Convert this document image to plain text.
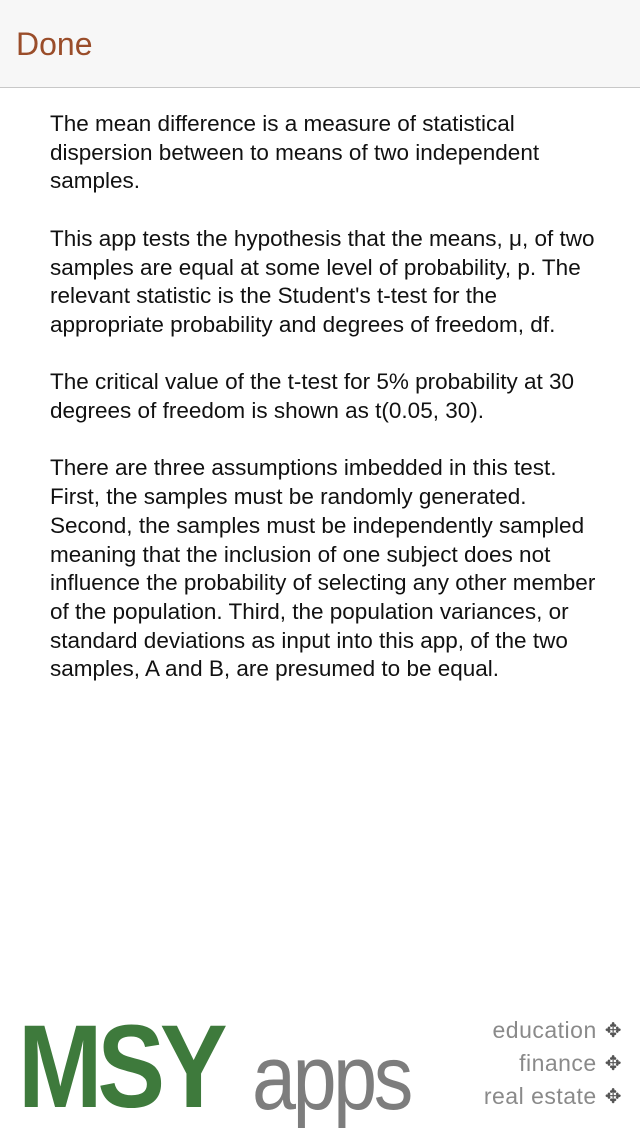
Done

The mean difference is a measure of statistical dispersion between to means of two independent samples.

This app tests the hypothesis that the means, μ, of two samples are equal at some level of probability, p. The relevant statistic is the Student's t-test for the appropriate probability and degrees of freedom, df.

The critical value of the t-test for 5% probability at 30 degrees of freedom is shown as t(0.05, 30).

There are three assumptions imbedded in this test. First, the samples must be randomly generated. Second, the samples must be independently sampled meaning that the inclusion of one subject does not influence the probability of selecting any other member of the population. Third, the population variances, or standard deviations as input into this app, of the two samples, A and B, are presumed to be equal.

MSY apps	education ✥
finance ✥
real estate ✥
